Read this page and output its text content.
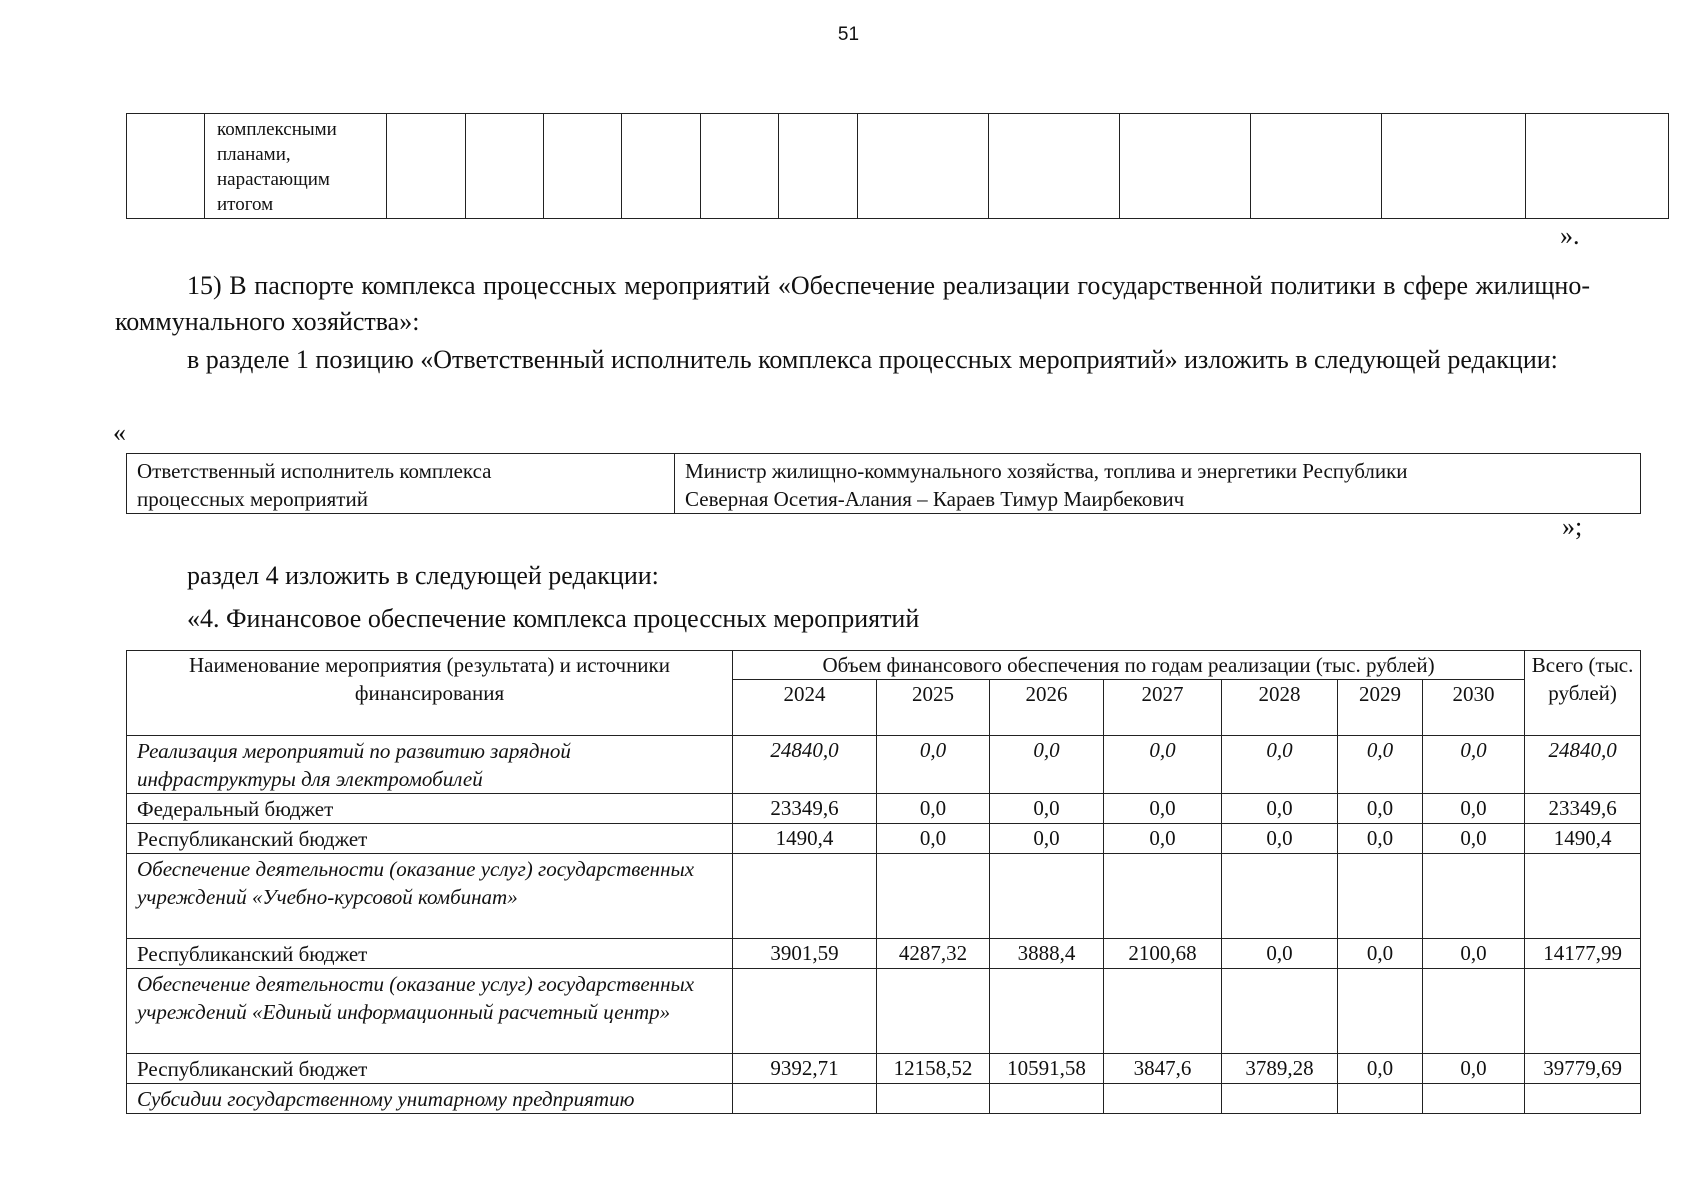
51

комплексными
планами,
нарастающим
итогом

».
15) В паспорте комплекса процессных мероприятий «Обеспечение реализации государственной политики в сфере жилищно-коммунального хозяйства»:
в разделе 1 позицию «Ответственный исполнитель комплекса процессных мероприятий» изложить в следующей редакции:
«
Ответственный исполнитель комплекса
процессных мероприятий

Министр жилищно-коммунального хозяйства, топлива и энергетики Республики
Северная Осетия-Алания – Караев Тимур Маирбекович
»;
раздел 4 изложить в следующей редакции:
«4. Финансовое обеспечение комплекса процессных мероприятий
Наименование мероприятия (результата) и источники финансирования	Объем финансового обеспечения по годам реализации (тыс. рублей)							Всего (тыс. рублей)
	2024	2025	2026	2027	2028	2029	2030	
Реализация мероприятий по развитию зарядной инфраструктуры для электромобилей	24840,0	0,0	0,0	0,0	0,0	0,0	0,0	24840,0
Федеральный бюджет	23349,6	0,0	0,0	0,0	0,0	0,0	0,0	23349,6
Республиканский бюджет	1490,4	0,0	0,0	0,0	0,0	0,0	0,0	1490,4
Обеспечение деятельности (оказание услуг) государственных учреждений «Учебно-курсовой комбинат»								
Республиканский бюджет	3901,59	4287,32	3888,4	2100,68	0,0	0,0	0,0	14177,99
Обеспечение деятельности (оказание услуг) государственных учреждений «Единый информационный расчетный центр»								
Республиканский бюджет	9392,71	12158,52	10591,58	3847,6	3789,28	0,0	0,0	39779,69
Субсидии государственному унитарному предприятию								
